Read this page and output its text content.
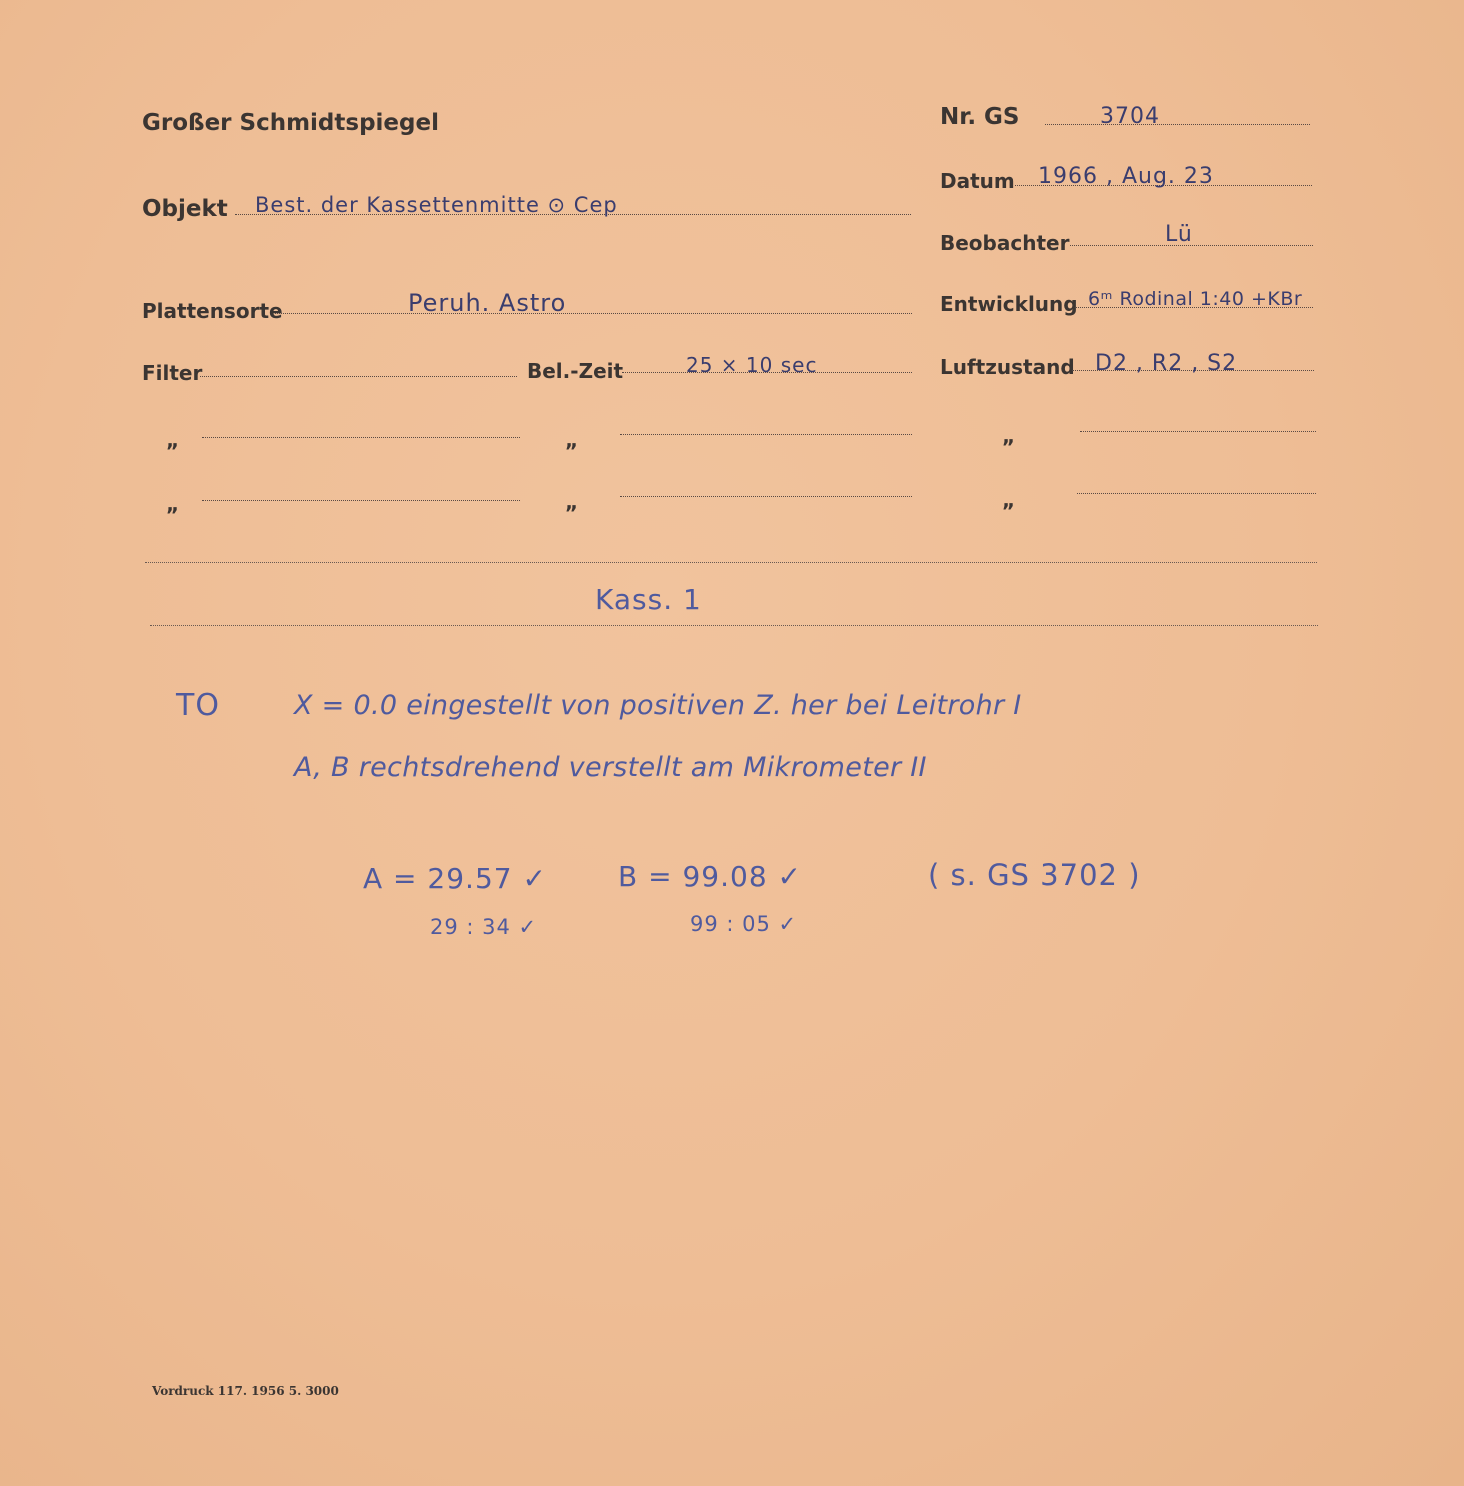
Großer Schmidtspiegel	Nr. GS	3704
Objekt Best. der Kassettenmitte ⊙ Cep
Datum 1966 , Aug. 23
Beobachter	Lü
Plattensorte	Peruh. Astro	Entwicklung 6ᵐ Rodinal 1:40 +KBr
Filter	Bel.-Zeit	25 × 10 sec	Luftzustand D2 , R2 , S2
„	„	„
„	„	„
Kass. 1
TO	X = 0.0 eingestellt von positiven Z. her bei Leitrohr I
A, B rechtsdrehend verstellt am Mikrometer II
A = 29.57 ✓
29 : 34 ✓
B = 99.08 ✓
99 : 05 ✓
( s. GS 3702 )
Vordruck 117. 1956 5. 3000
